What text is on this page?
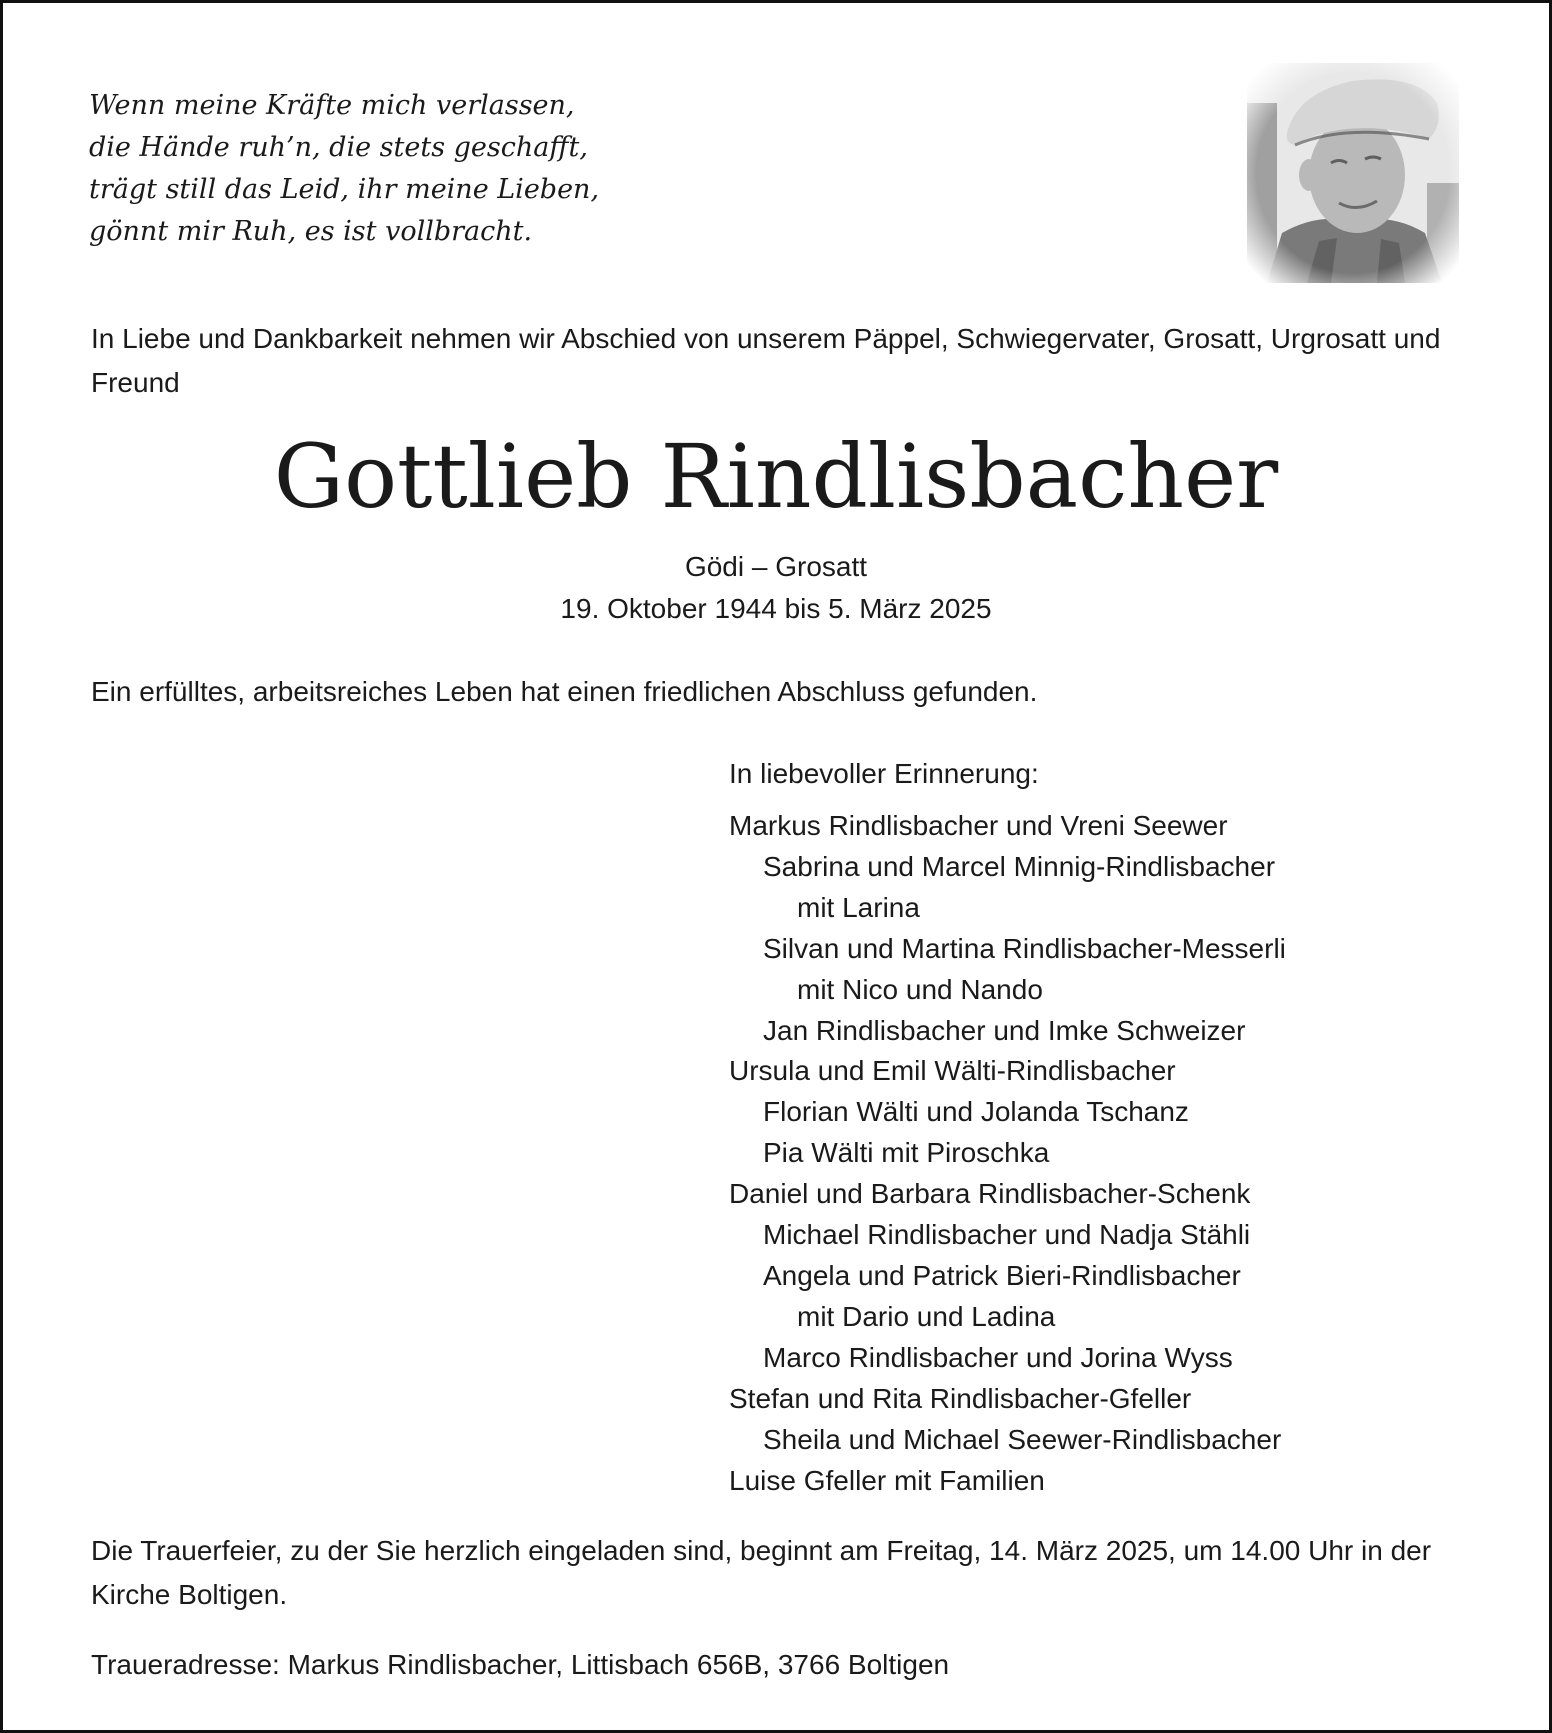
Wenn meine Kräfte mich verlassen,
die Hände ruh’n, die stets geschafft,
trägt still das Leid, ihr meine Lieben,
gönnt mir Ruh, es ist vollbracht.

In Liebe und Dankbarkeit nehmen wir Abschied von unserem Päppel, Schwiegervater, Grosatt, Urgrosatt und Freund

Gottlieb Rindlisbacher

Gödi – Grosatt

19. Oktober 1944 bis 5. März 2025

Ein erfülltes, arbeitsreiches Leben hat einen friedlichen Abschluss gefunden.

In liebevoller Erinnerung:

Markus Rindlisbacher und Vreni Seewer
Sabrina und Marcel Minnig-Rindlisbacher
mit Larina
Silvan und Martina Rindlisbacher-Messerli
mit Nico und Nando
Jan Rindlisbacher und Imke Schweizer
Ursula und Emil Wälti-Rindlisbacher
Florian Wälti und Jolanda Tschanz
Pia Wälti mit Piroschka
Daniel und Barbara Rindlisbacher-Schenk
Michael Rindlisbacher und Nadja Stähli
Angela und Patrick Bieri-Rindlisbacher
mit Dario und Ladina
Marco Rindlisbacher und Jorina Wyss
Stefan und Rita Rindlisbacher-Gfeller
Sheila und Michael Seewer-Rindlisbacher
Luise Gfeller mit Familien

Die Trauerfeier, zu der Sie herzlich eingeladen sind, beginnt am Freitag, 14. März 2025, um 14.00 Uhr in der Kirche Boltigen.

Traueradresse: Markus Rindlisbacher, Littisbach 656B, 3766 Boltigen
